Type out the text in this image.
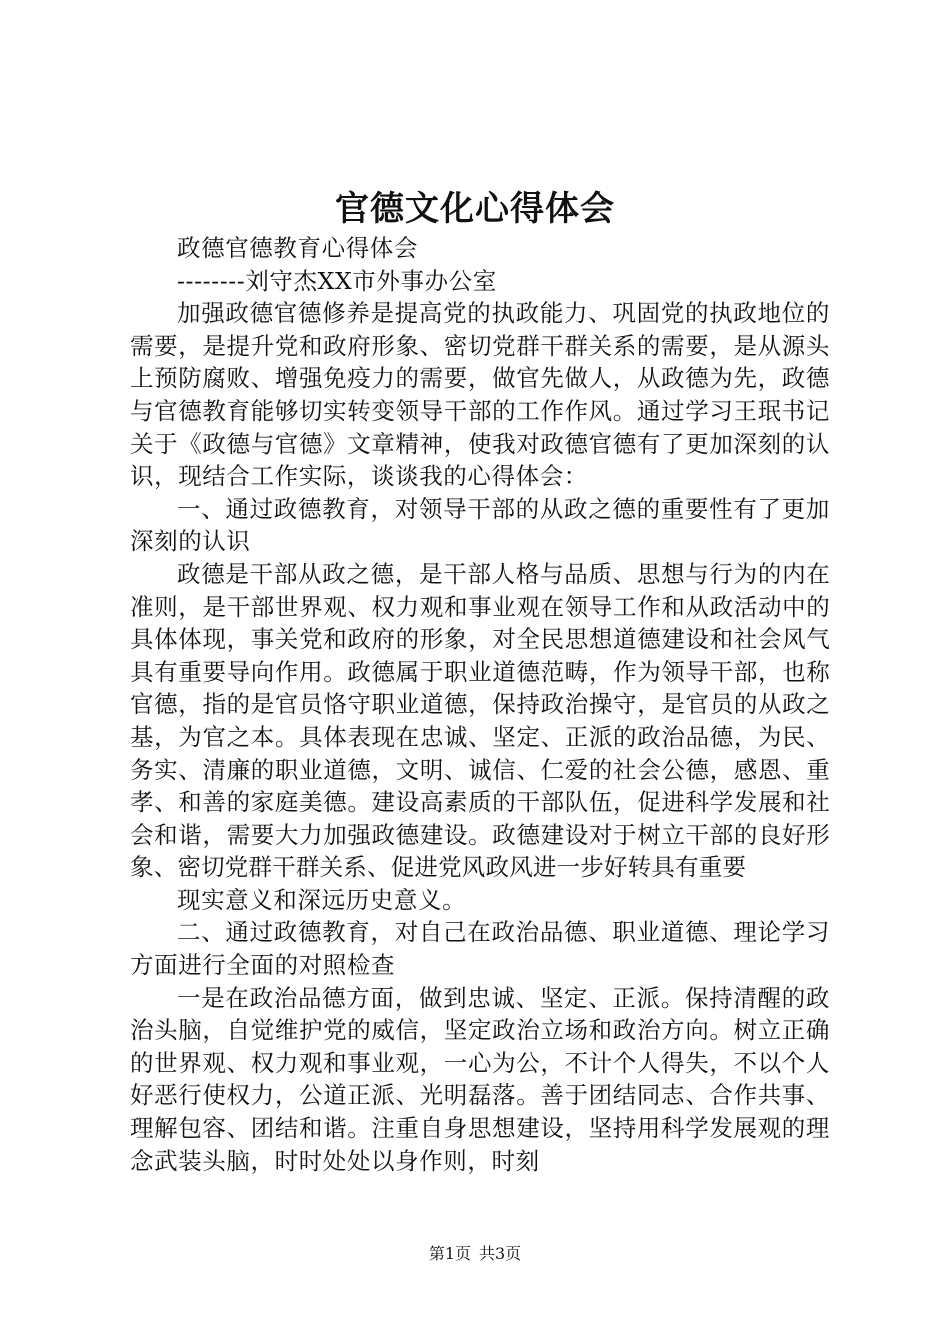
官德文化心得体会

政德官德教育心得体会

--------刘守杰XX市外事办公室

加强政德官德修养是提高党的执政能力、巩固党的执政地位的需要，是提升党和政府形象、密切党群干群关系的需要，是从源头上预防腐败、增强免疫力的需要，做官先做人，从政德为先，政德与官德教育能够切实转变领导干部的工作作风。通过学习王珉书记关于《政德与官德》文章精神，使我对政德官德有了更加深刻的认识，现结合工作实际，谈谈我的心得体会：

一、通过政德教育，对领导干部的从政之德的重要性有了更加深刻的认识

政德是干部从政之德，是干部人格与品质、思想与行为的内在准则，是干部世界观、权力观和事业观在领导工作和从政活动中的具体体现，事关党和政府的形象，对全民思想道德建设和社会风气具有重要导向作用。政德属于职业道德范畴，作为领导干部，也称官德，指的是官员恪守职业道德，保持政治操守，是官员的从政之基，为官之本。具体表现在忠诚、坚定、正派的政治品德，为民、务实、清廉的职业道德，文明、诚信、仁爱的社会公德，感恩、重孝、和善的家庭美德。建设高素质的干部队伍，促进科学发展和社会和谐，需要大力加强政德建设。政德建设对于树立干部的良好形象、密切党群干群关系、促进党风政风进一步好转具有重要

现实意义和深远历史意义。

二、通过政德教育，对自己在政治品德、职业道德、理论学习方面进行全面的对照检查

一是在政治品德方面，做到忠诚、坚定、正派。保持清醒的政治头脑，自觉维护党的威信，坚定政治立场和政治方向。树立正确的世界观、权力观和事业观，一心为公，不计个人得失，不以个人好恶行使权力，公道正派、光明磊落。善于团结同志、合作共事、理解包容、团结和谐。注重自身思想建设，坚持用科学发展观的理念武装头脑，时时处处以身作则，时刻

第1页 共3页
